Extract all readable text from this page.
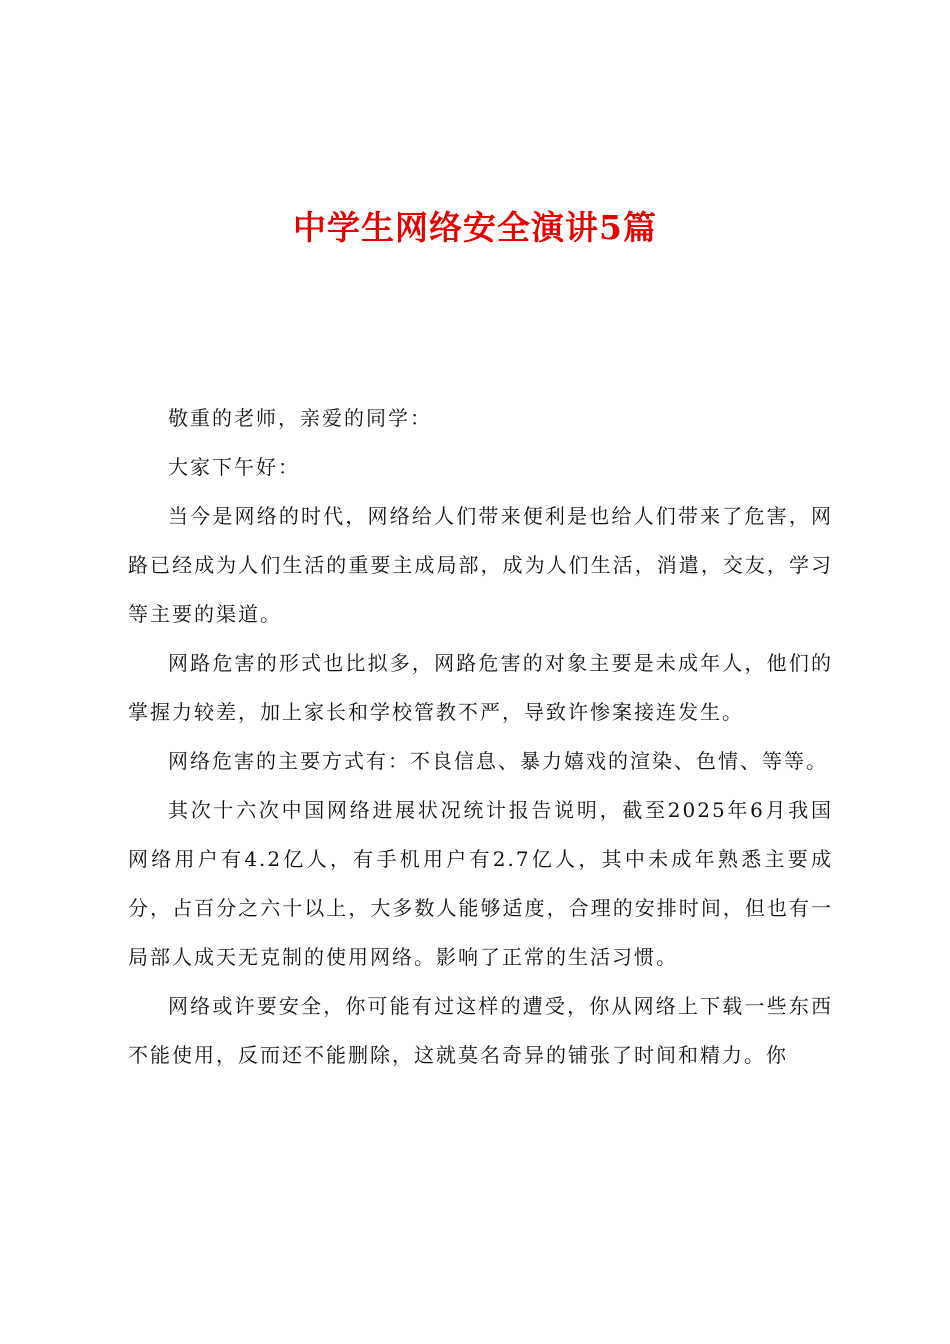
中学生网络安全演讲5篇

敬重的老师，亲爱的同学：

大家下午好：

当今是网络的时代，网络给人们带来便利是也给人们带来了危害，网路已经成为人们生活的重要主成局部，成为人们生活，消遣，交友，学习等主要的渠道。

网路危害的形式也比拟多，网路危害的对象主要是未成年人，他们的掌握力较差，加上家长和学校管教不严，导致许惨案接连发生。

网络危害的主要方式有：不良信息、暴力嬉戏的渲染、色情、等等。

其次十六次中国网络进展状况统计报告说明，截至2025年6月我国网络用户有4.2亿人，有手机用户有2.7亿人，其中未成年熟悉主要成分，占百分之六十以上，大多数人能够适度，合理的安排时间，但也有一局部人成天无克制的使用网络。影响了正常的生活习惯。

网络或许要安全，你可能有过这样的遭受，你从网络上下载一些东西不能使用，反而还不能删除，这就莫名奇异的铺张了时间和精力。你
